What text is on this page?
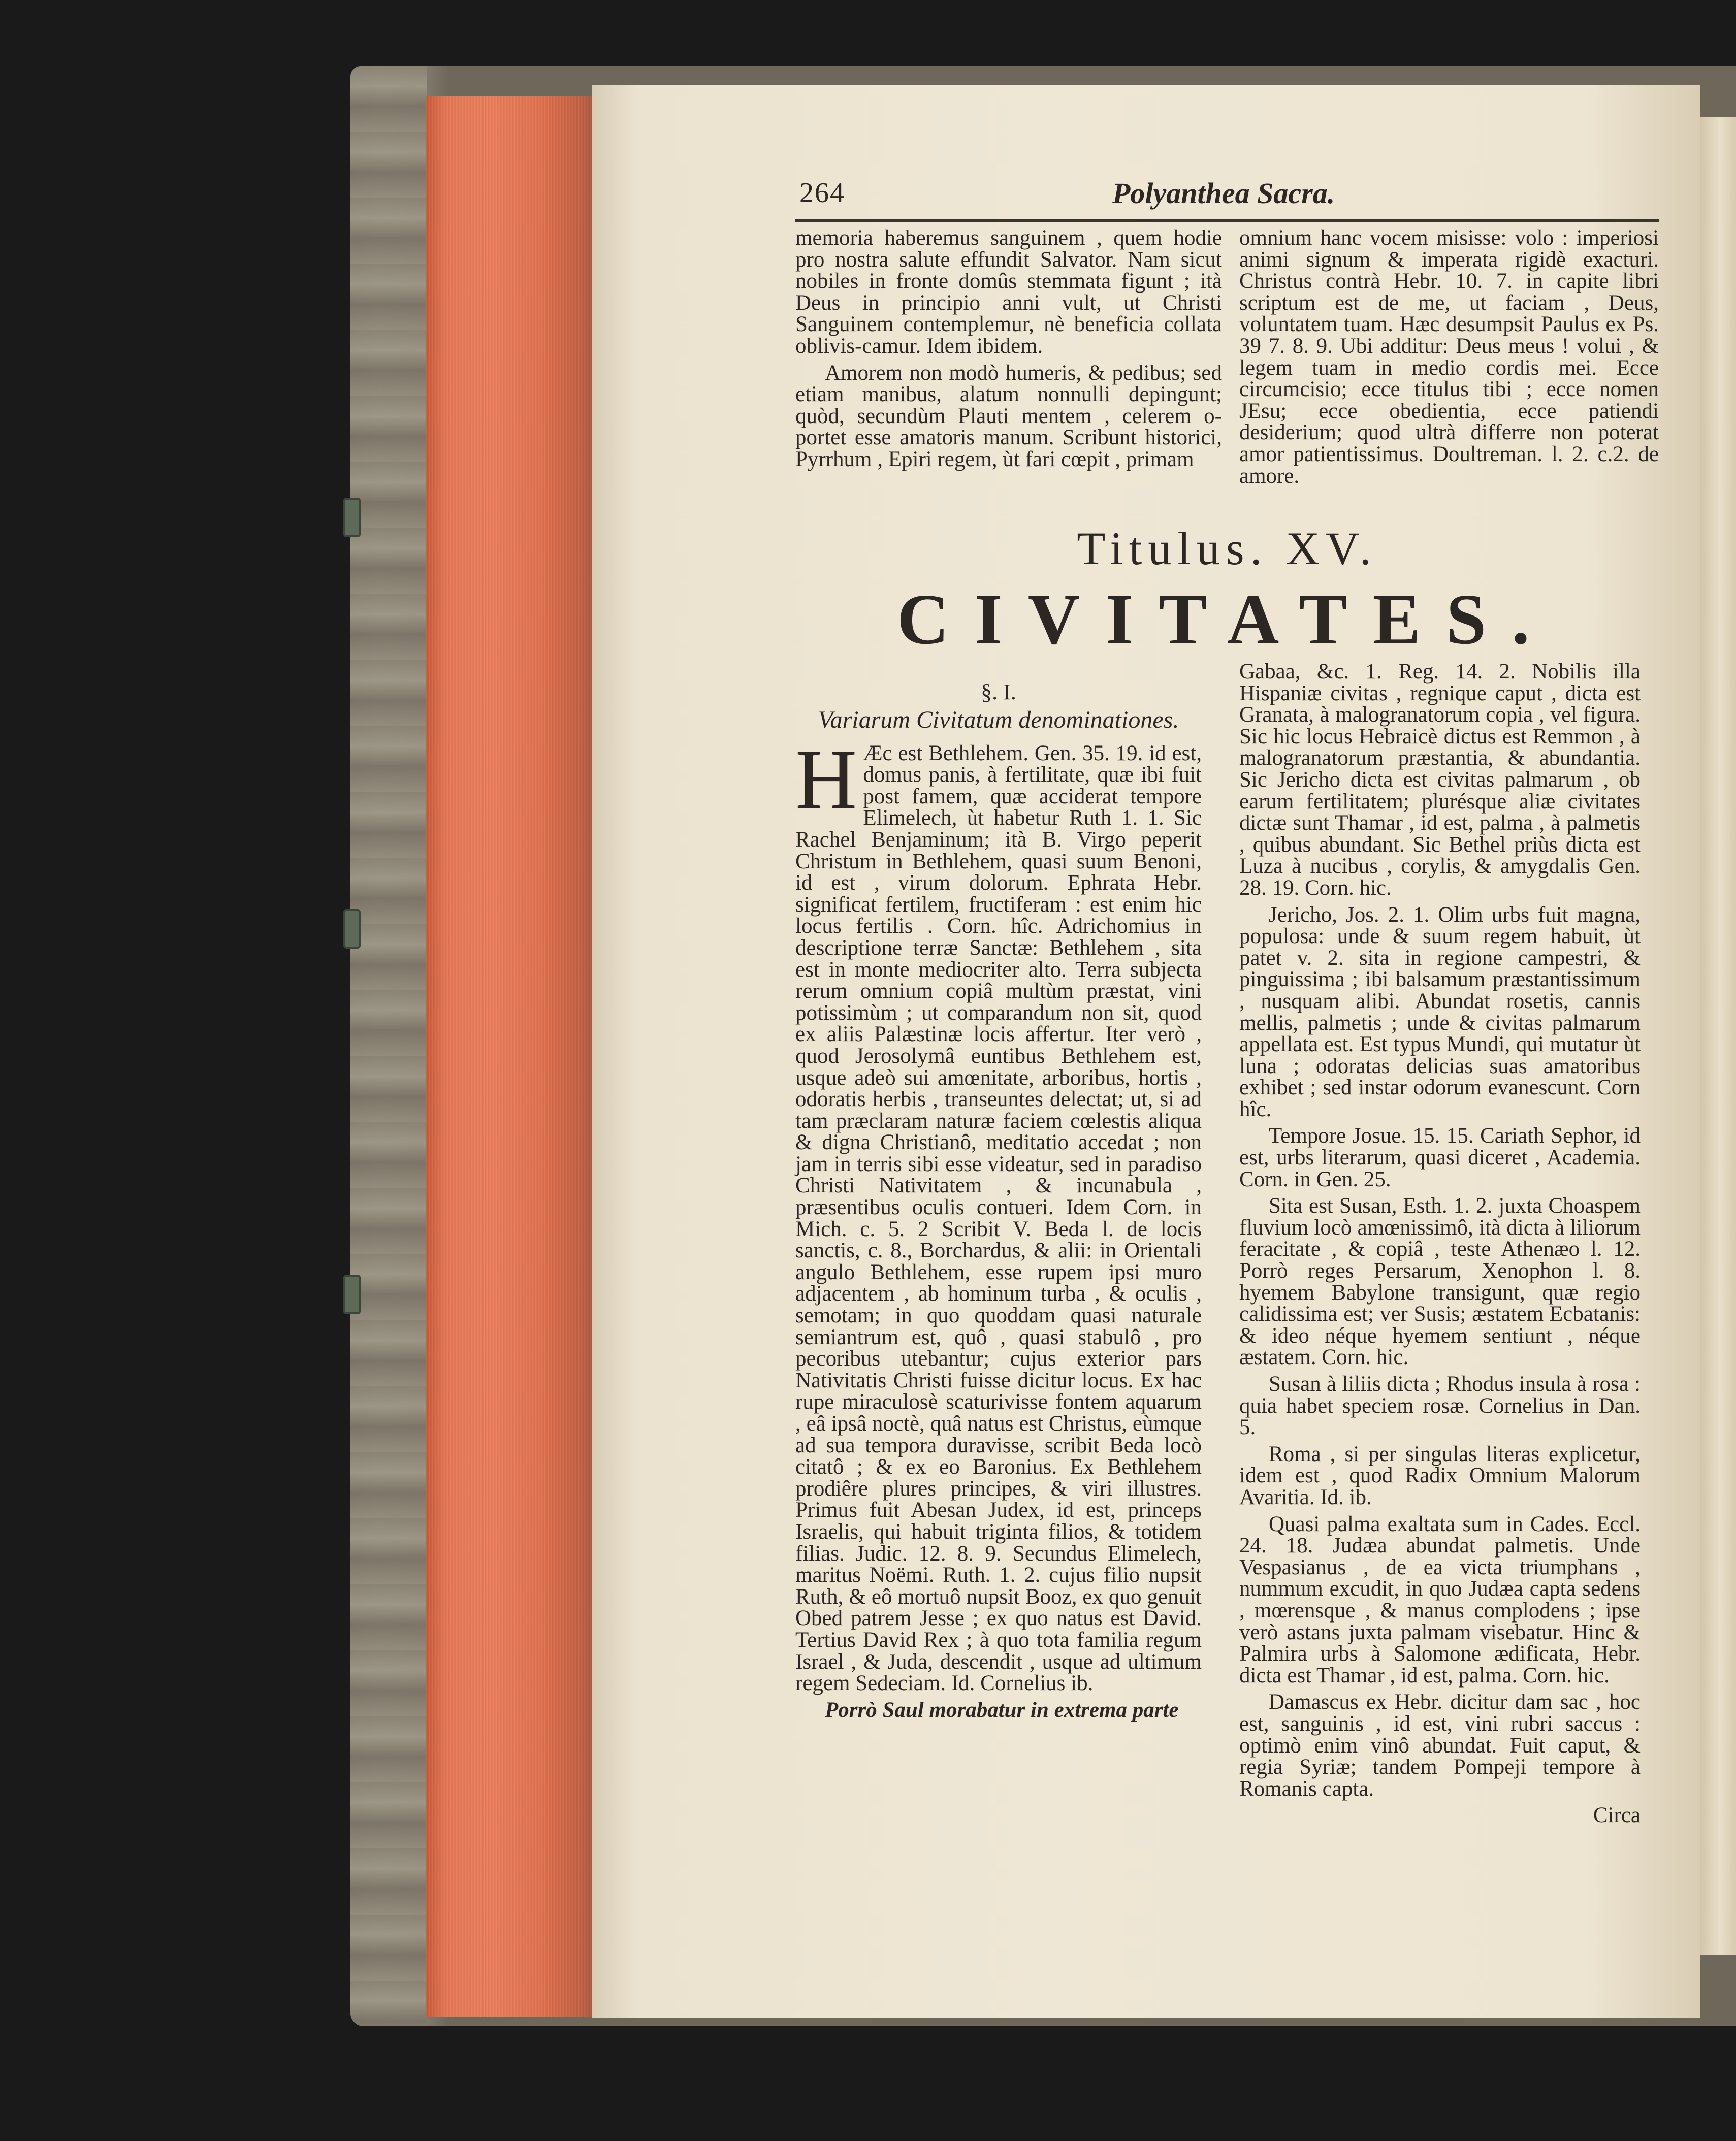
264	Polyanthea Sacra.

memoria haberemus sanguinem , quem hodie pro nostra salute effundit Salvator. Nam sicut nobiles in fronte domûs stemmata figunt ; ità Deus in principio anni vult, ut Christi Sanguinem contemplemur, nè beneficia collata oblivis-camur. Idem ibidem.

Amorem non modò humeris, & pedibus; sed etiam manibus, alatum nonnulli depingunt; quòd, secundùm Plauti mentem , celerem o-portet esse amatoris manum. Scribunt historici, Pyrrhum , Epiri regem, ùt fari cœpit , primam

omnium hanc vocem misisse: volo : imperiosi animi signum & imperata rigidè exacturi. Christus contrà Hebr. 10. 7. in capite libri scriptum est de me, ut faciam , Deus, voluntatem tuam. Hæc desumpsit Paulus ex Ps. 39 7. 8. 9. Ubi additur: Deus meus ! volui , & legem tuam in medio cordis mei. Ecce circumcisio; ecce titulus tibi ; ecce nomen JEsu; ecce obedientia, ecce patiendi desiderium; quod ultrà differre non poterat amor patientissimus. Doultreman. l. 2. c.2. de amore.

Titulus. XV.
CIVITATES.
§. I.
Variarum Civitatum denominationes.

H Æc est Bethlehem. Gen. 35. 19. id est, domus panis, à fertilitate, quæ ibi fuit post famem, quæ acciderat tempore Elimelech, ùt habetur Ruth 1. 1. Sic Rachel Benjaminum; ità B. Virgo peperit Christum in Bethlehem, quasi suum Benoni, id est , virum dolorum. Ephrata Hebr. significat fertilem, fructiferam : est enim hic locus fertilis . Corn. hîc. Adrichomius in descriptione terræ Sanctæ: Bethlehem , sita est in monte mediocriter alto. Terra subjecta rerum omnium copiâ multùm præstat, vini potissimùm ; ut comparandum non sit, quod ex aliis Palæstinæ locis affertur. Iter verò , quod Jerosolymâ euntibus Bethlehem est, usque adeò sui amœnitate, arboribus, hortis , odoratis herbis , transeuntes delectat; ut, si ad tam præclaram naturæ faciem cœlestis aliqua & digna Christianô, meditatio accedat ; non jam in terris sibi esse videatur, sed in paradiso Christi Nativitatem , & incunabula , præsentibus oculis contueri. Idem Corn. in Mich. c. 5. 2 Scribit V. Beda l. de locis sanctis, c. 8., Borchardus, & alii: in Orientali angulo Bethlehem, esse rupem ipsi muro adjacentem , ab hominum turba , & oculis , semotam; in quo quoddam quasi naturale semiantrum est, quô , quasi stabulô , pro pecoribus utebantur; cujus exterior pars Nativitatis Christi fuisse dicitur locus. Ex hac rupe miraculosè scaturivisse fontem aquarum , eâ ipsâ noctè, quâ natus est Christus, eùmque ad sua tempora duravisse, scribit Beda locò citatô ; & ex eo Baronius. Ex Bethlehem prodiêre plures principes, & viri illustres. Primus fuit Abesan Judex, id est, princeps Israelis, qui habuit triginta filios, & totidem filias. Judic. 12. 8. 9. Secundus Elimelech, maritus Noëmi. Ruth. 1. 2. cujus filio nupsit Ruth, & eô mortuô nupsit Booz, ex quo genuit Obed patrem Jesse ; ex quo natus est David. Tertius David Rex ; à quo tota familia regum Israel , & Juda, descendit , usque ad ultimum regem Sedeciam. Id. Cornelius ib.

Porrò Saul morabatur in extrema parte

Gabaa, &c. 1. Reg. 14. 2. Nobilis illa Hispaniæ civitas , regnique caput , dicta est Granata, à malogranatorum copia , vel figura. Sic hic locus Hebraicè dictus est Remmon , à malogranatorum præstantia, & abundantia. Sic Jericho dicta est civitas palmarum , ob earum fertilitatem; plurésque aliæ civitates dictæ sunt Thamar , id est, palma , à palmetis , quibus abundant. Sic Bethel priùs dicta est Luza à nucibus , corylis, & amygdalis Gen. 28. 19. Corn. hic.

Jericho, Jos. 2. 1. Olim urbs fuit magna, populosa: unde & suum regem habuit, ùt patet v. 2. sita in regione campestri, & pinguissima ; ibi balsamum præstantissimum , nusquam alibi. Abundat rosetis, cannis mellis, palmetis ; unde & civitas palmarum appellata est. Est typus Mundi, qui mutatur ùt luna ; odoratas delicias suas amatoribus exhibet ; sed instar odorum evanescunt. Corn hîc.

Tempore Josue. 15. 15. Cariath Sephor, id est, urbs literarum, quasi diceret , Academia. Corn. in Gen. 25.

Sita est Susan, Esth. 1. 2. juxta Choaspem fluvium locò amœnissimô, ità dicta à liliorum feracitate , & copiâ , teste Athenæo l. 12. Porrò reges Persarum, Xenophon l. 8. hyemem Babylone transigunt, quæ regio calidissima est; ver Susis; æstatem Ecbatanis: & ideo néque hyemem sentiunt , néque æstatem. Corn. hic.

Susan à liliis dicta ; Rhodus insula à rosa : quia habet speciem rosæ. Cornelius in Dan. 5.

Roma , si per singulas literas explicetur, idem est , quod Radix Omnium Malorum Avaritia. Id. ib.

Quasi palma exaltata sum in Cades. Eccl. 24. 18. Judæa abundat palmetis. Unde Vespasianus , de ea victa triumphans , nummum excudit, in quo Judæa capta sedens , mœrensque , & manus complodens ; ipse verò astans juxta palmam visebatur. Hinc & Palmira urbs à Salomone ædificata, Hebr. dicta est Thamar , id est, palma. Corn. hic.

Damascus ex Hebr. dicitur dam sac , hoc est, sanguinis , id est, vini rubri saccus : optimò enim vinô abundat. Fuit caput, & regia Syriæ; tandem Pompeji tempore à Romanis capta.

Circa
